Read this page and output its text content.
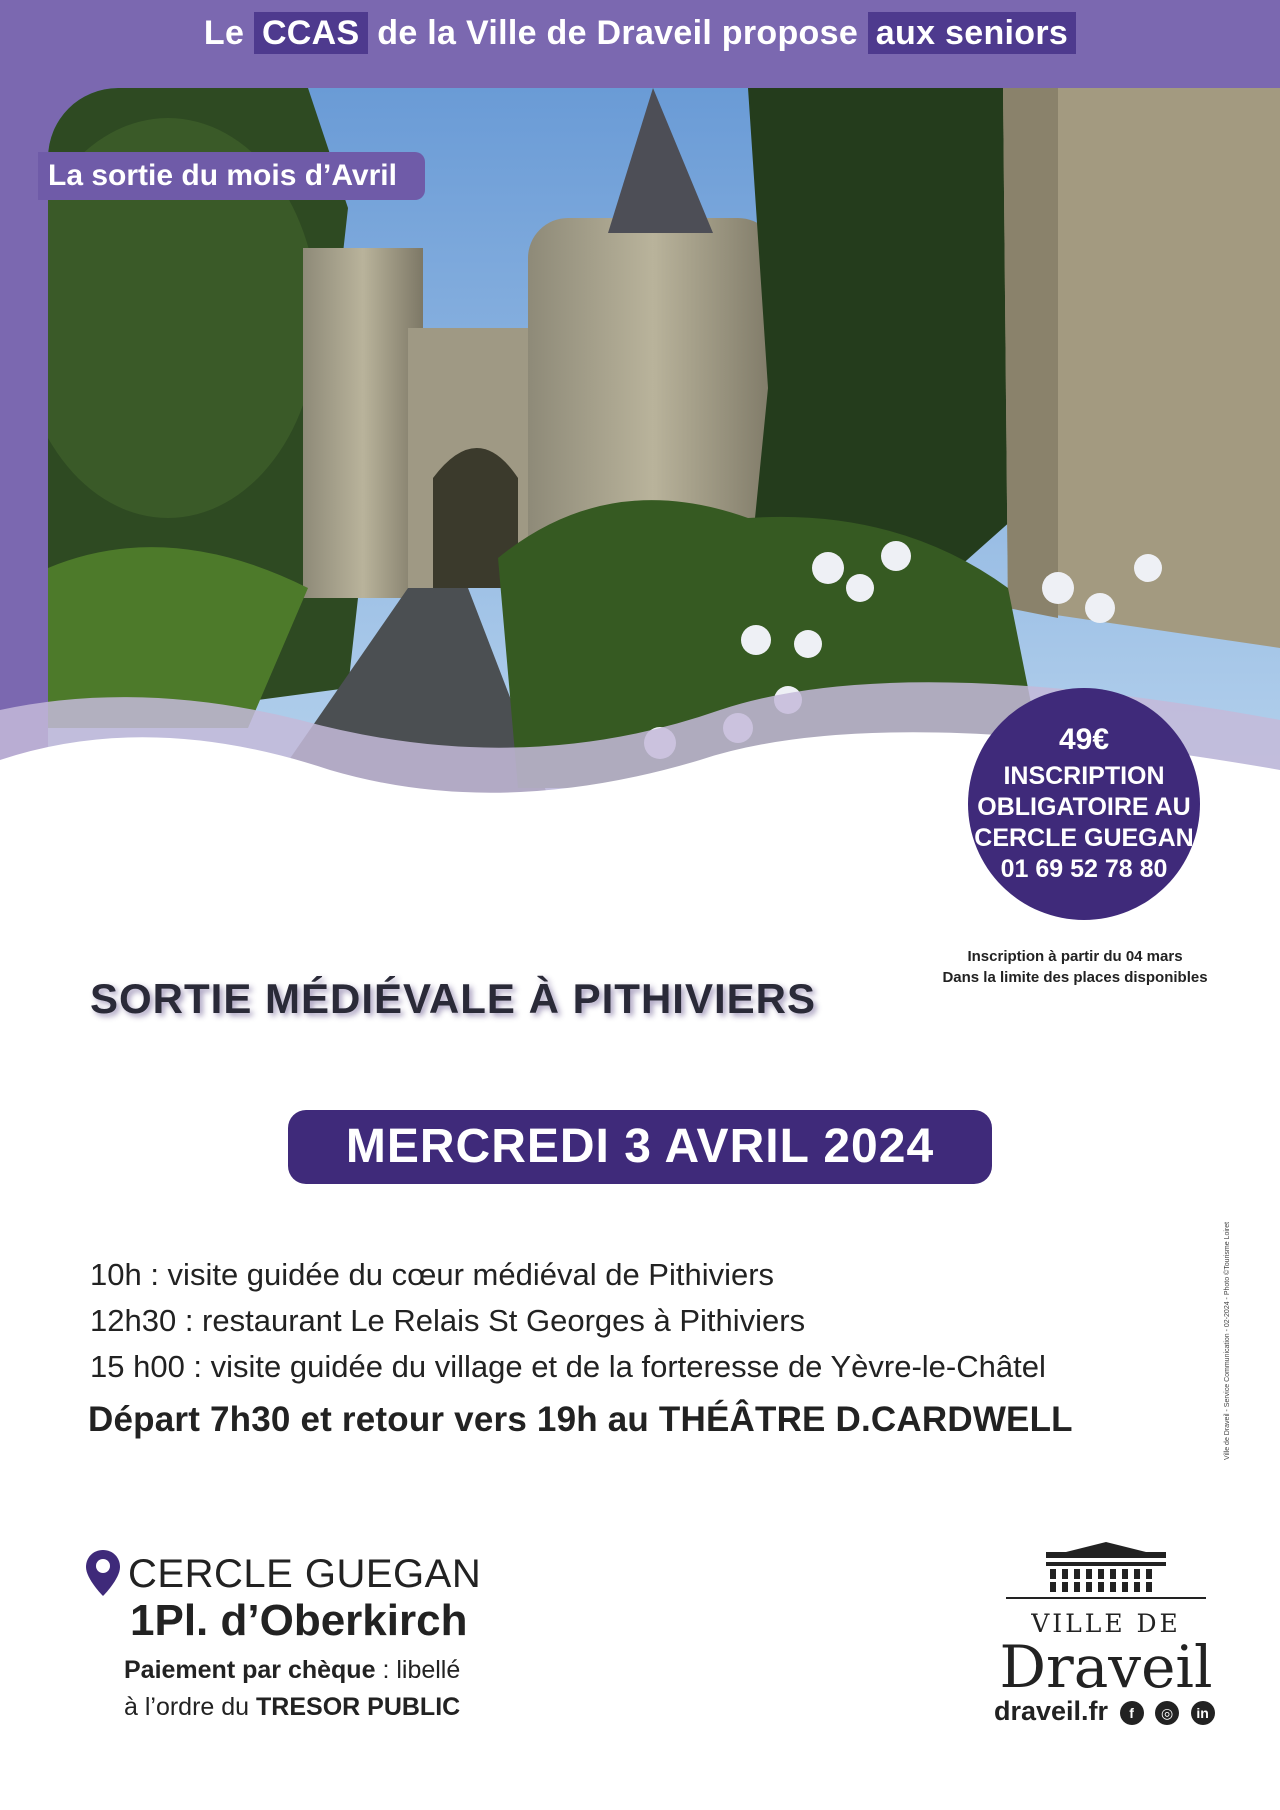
Le CCAS de la Ville de Draveil propose aux seniors
La sortie du mois d’Avril
49€
INSCRIPTION
OBLIGATOIRE AU
CERCLE GUEGAN
01 69 52 78 80
Inscription à partir du 04 mars
Dans la limite des places disponibles
SORTIE MÉDIÉVALE À PITHIVIERS
MERCREDI 3 AVRIL 2024
10h : visite guidée du cœur médiéval de Pithiviers
12h30 : restaurant Le Relais St Georges à Pithiviers
15 h00 : visite guidée du village et de la forteresse de Yèvre-le-Châtel
Départ 7h30 et retour vers 19h au THÉÂTRE D.CARDWELL
CERCLE GUEGAN
1Pl. d’Oberkirch
Paiement par chèque : libellé
à l’ordre du TRESOR PUBLIC
VILLE DE
Draveil
draveil.fr f ◎ in
Ville de Draveil - Service Communication - 02-2024 - Photo ©Tourisme Loiret
